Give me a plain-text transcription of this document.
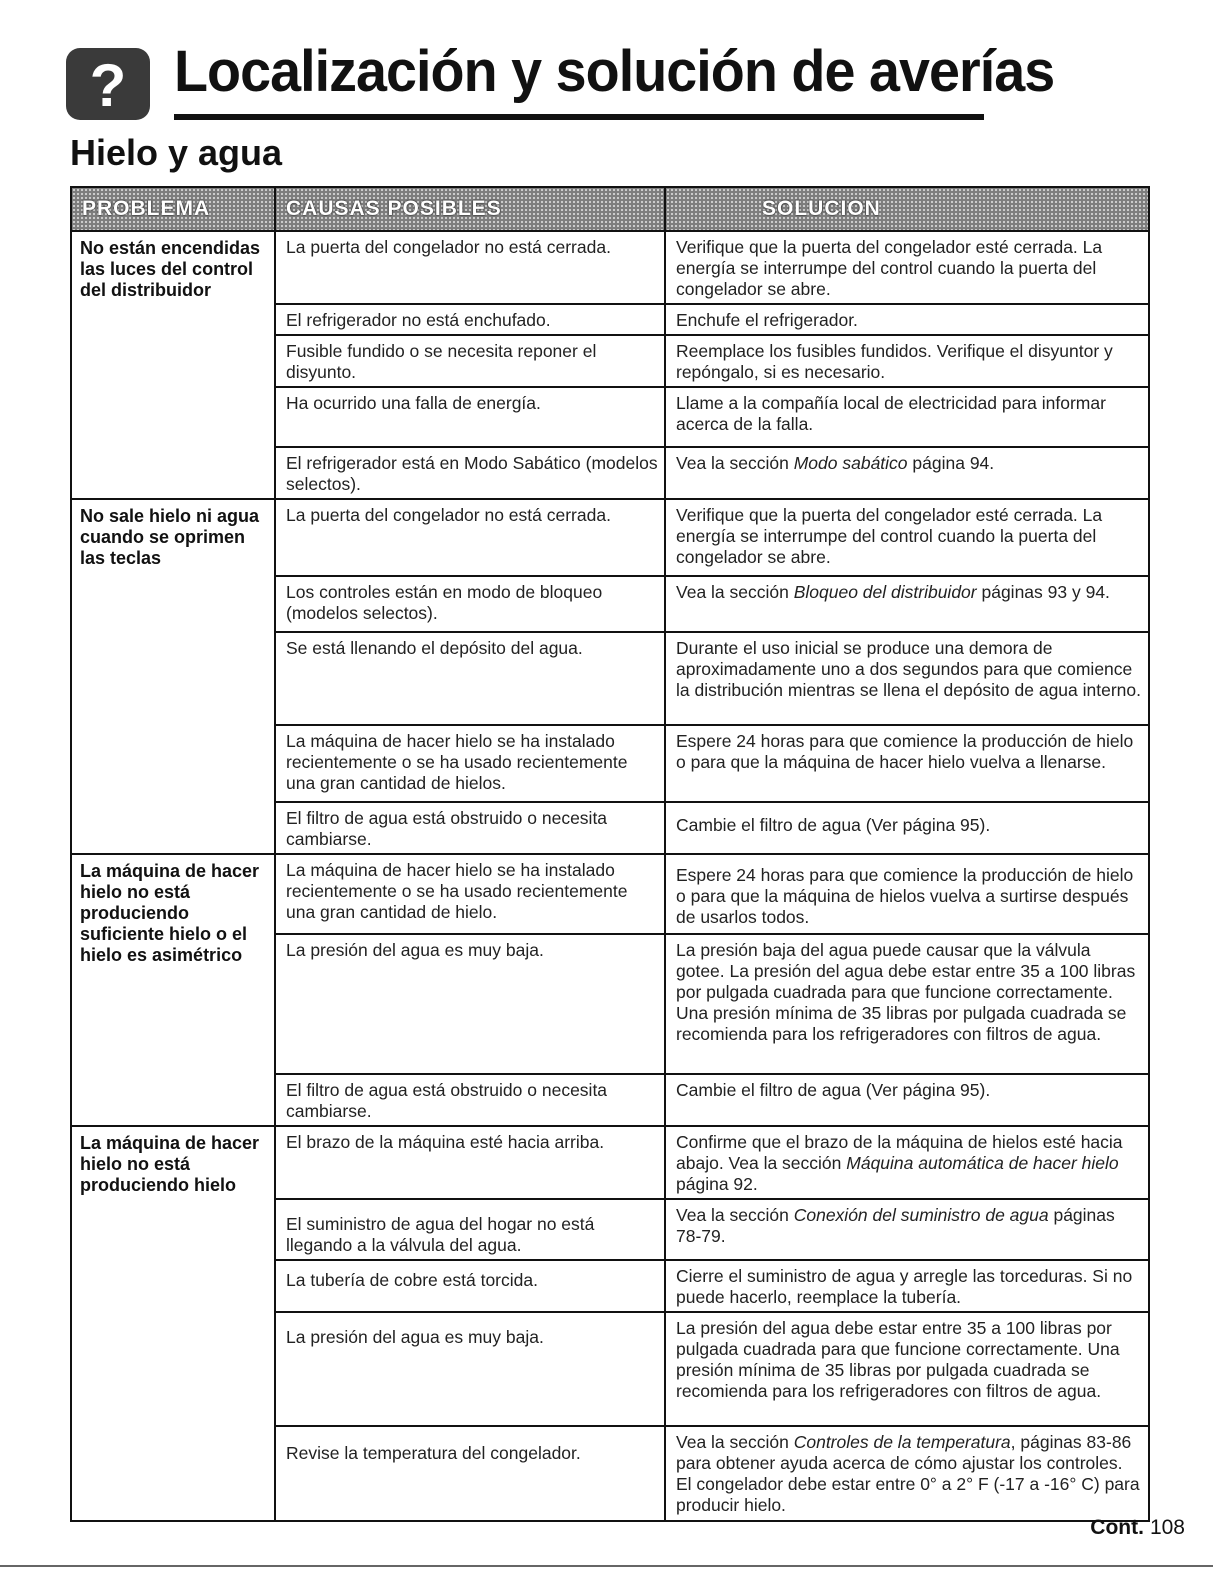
? Localización y solución de averías
Hielo y agua
PROBLEMA	CAUSAS POSIBLES	SOLUCION
No están encendidas las luces del control del distribuidor	La puerta del congelador no está cerrada.	Verifique que la puerta del congelador esté cerrada. La energía se interrumpe del control cuando la puerta del congelador se abre.
	El refrigerador no está enchufado.	Enchufe el refrigerador.
	Fusible fundido o se necesita reponer el disyunto.	Reemplace los fusibles fundidos. Verifique el disyuntor y repóngalo, si es necesario.
	Ha ocurrido una falla de energía.	Llame a la compañía local de electricidad para informar acerca de la falla.
	El refrigerador está en Modo Sabático (modelos selectos).	Vea la sección Modo sabático página 94.
No sale hielo ni agua cuando se oprimen las teclas	La puerta del congelador no está cerrada.	Verifique que la puerta del congelador esté cerrada. La energía se interrumpe del control cuando la puerta del congelador se abre.
	Los controles están en modo de bloqueo (modelos selectos).	Vea la sección Bloqueo del distribuidor páginas 93 y 94.
	Se está llenando el depósito del agua.	Durante el uso inicial se produce una demora de aproximadamente uno a dos segundos para que comience la distribución mientras se llena el depósito de agua interno.
	La máquina de hacer hielo se ha instalado recientemente o se ha usado recientemente una gran cantidad de hielos.	Espere 24 horas para que comience la producción de hielo o para que la máquina de hacer hielo vuelva a llenarse.
	El filtro de agua está obstruido o necesita cambiarse.	Cambie el filtro de agua (Ver página 95).
La máquina de hacer hielo no está produciendo suficiente hielo o el hielo es asimétrico	La máquina de hacer hielo se ha instalado recientemente o se ha usado recientemente una gran cantidad de hielo.	Espere 24 horas para que comience la producción de hielo o para que la máquina de hielos vuelva a surtirse después de usarlos todos.
	La presión del agua es muy baja.	La presión baja del agua puede causar que la válvula gotee. La presión del agua debe estar entre 35 a 100 libras por pulgada cuadrada para que funcione correctamente. Una presión mínima de 35 libras por pulgada cuadrada se recomienda para los refrigeradores con filtros de agua.
	El filtro de agua está obstruido o necesita cambiarse.	Cambie el filtro de agua (Ver página 95).
La máquina de hacer hielo no está produciendo hielo	El brazo de la máquina esté hacia arriba.	Confirme que el brazo de la máquina de hielos esté hacia abajo. Vea la sección Máquina automática de hacer hielo página 92.
	El suministro de agua del hogar no está llegando a la válvula del agua.	Vea la sección Conexión del suministro de agua páginas 78-79.
	La tubería de cobre está torcida.	Cierre el suministro de agua y arregle las torceduras. Si no puede hacerlo, reemplace la tubería.
	La presión del agua es muy baja.	La presión del agua debe estar entre 35 a 100 libras por pulgada cuadrada para que funcione correctamente. Una presión mínima de 35 libras por pulgada cuadrada se recomienda para los refrigeradores con filtros de agua.
	Revise la temperatura del congelador.	Vea la sección Controles de la temperatura, páginas 83-86 para obtener ayuda acerca de cómo ajustar los controles. El congelador debe estar entre 0° a 2° F (-17 a -16° C) para producir hielo.
Cont. 108
